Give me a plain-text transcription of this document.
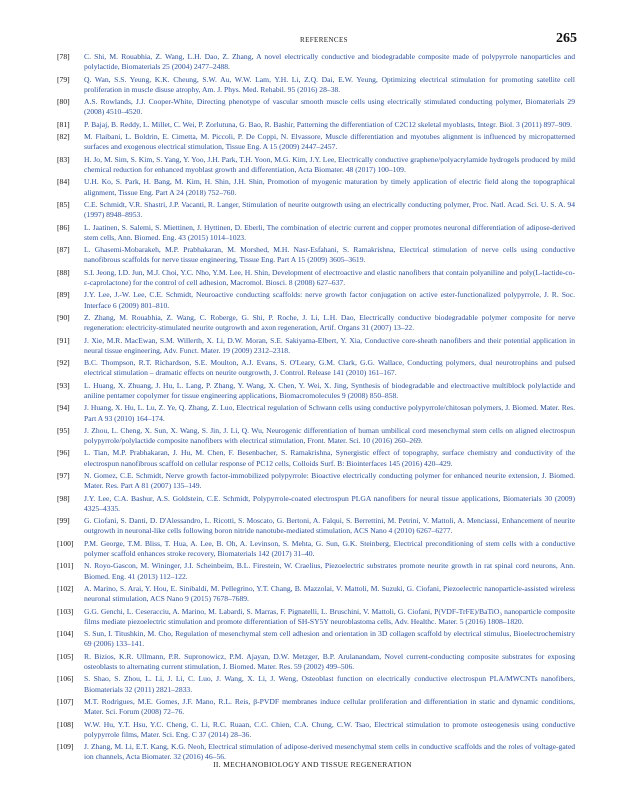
REFERENCES	265
[78]	C. Shi, M. Rouabhia, Z. Wang, L.H. Dao, Z. Zhang, A novel electrically conductive and biodegradable composite made of polypyrrole nanoparticles and polylactide, Biomaterials 25 (2004) 2477–2488.
[79]	Q. Wan, S.S. Yeung, K.K. Cheung, S.W. Au, W.W. Lam, Y.H. Li, Z.Q. Dai, E.W. Yeung, Optimizing electrical stimulation for promoting satellite cell proliferation in muscle disuse atrophy, Am. J. Phys. Med. Rehabil. 95 (2016) 28–38.
[80]	A.S. Rowlands, J.J. Cooper-White, Directing phenotype of vascular smooth muscle cells using electrically stimulated conducting polymer, Biomaterials 29 (2008) 4510–4520.
[81]	P. Bajaj, B. Reddy, L. Millet, C. Wei, P. Zorlutuna, G. Bao, R. Bashir, Patterning the differentiation of C2C12 skeletal myoblasts, Integr. Biol. 3 (2011) 897–909.
[82]	M. Flaibani, L. Boldrin, E. Cimetta, M. Piccoli, P. De Coppi, N. Elvassore, Muscle differentiation and myotubes alignment is influenced by micropatterned surfaces and exogenous electrical stimulation, Tissue Eng. A 15 (2009) 2447–2457.
[83]	H. Jo, M. Sim, S. Kim, S. Yang, Y. Yoo, J.H. Park, T.H. Yoon, M.G. Kim, J.Y. Lee, Electrically conductive graphene/polyacrylamide hydrogels produced by mild chemical reduction for enhanced myoblast growth and differentiation, Acta Biomater. 48 (2017) 100–109.
[84]	U.H. Ko, S. Park, H. Bang, M. Kim, H. Shin, J.H. Shin, Promotion of myogenic maturation by timely application of electric field along the topographical alignment, Tissue Eng. Part A 24 (2018) 752–760.
[85]	C.E. Schmidt, V.R. Shastri, J.P. Vacanti, R. Langer, Stimulation of neurite outgrowth using an electrically conducting polymer, Proc. Natl. Acad. Sci. U. S. A. 94 (1997) 8948–8953.
[86]	L. Jaatinen, S. Salemi, S. Miettinen, J. Hyttinen, D. Eberli, The combination of electric current and copper promotes neuronal differentiation of adipose-derived stem cells, Ann. Biomed. Eng. 43 (2015) 1014–1023.
[87]	L. Ghasemi-Mobarakeh, M.P. Prabhakaran, M. Morshed, M.H. Nasr-Esfahani, S. Ramakrishna, Electrical stimulation of nerve cells using conductive nanofibrous scaffolds for nerve tissue engineering, Tissue Eng. Part A 15 (2009) 3605–3619.
[88]	S.I. Jeong, I.D. Jun, M.J. Choi, Y.C. Nho, Y.M. Lee, H. Shin, Development of electroactive and elastic nanofibers that contain polyaniline and poly(L-lactide-co-ε-caprolactone) for the control of cell adhesion, Macromol. Biosci. 8 (2008) 627–637.
[89]	J.Y. Lee, J.-W. Lee, C.E. Schmidt, Neuroactive conducting scaffolds: nerve growth factor conjugation on active ester-functionalized polypyrrole, J. R. Soc. Interface 6 (2009) 801–810.
[90]	Z. Zhang, M. Rouabhia, Z. Wang, C. Roberge, G. Shi, P. Roche, J. Li, L.H. Dao, Electrically conductive biodegradable polymer composite for nerve regeneration: electricity-stimulated neurite outgrowth and axon regeneration, Artif. Organs 31 (2007) 13–22.
[91]	J. Xie, M.R. MacEwan, S.M. Willerth, X. Li, D.W. Moran, S.E. Sakiyama-Elbert, Y. Xia, Conductive core-sheath nanofibers and their potential application in neural tissue engineering, Adv. Funct. Mater. 19 (2009) 2312–2318.
[92]	B.C. Thompson, R.T. Richardson, S.E. Moulton, A.J. Evans, S. O'Leary, G.M. Clark, G.G. Wallace, Conducting polymers, dual neurotrophins and pulsed electrical stimulation – dramatic effects on neurite outgrowth, J. Control. Release 141 (2010) 161–167.
[93]	L. Huang, X. Zhuang, J. Hu, L. Lang, P. Zhang, Y. Wang, X. Chen, Y. Wei, X. Jing, Synthesis of biodegradable and electroactive multiblock polylactide and aniline pentamer copolymer for tissue engineering applications, Biomacromolecules 9 (2008) 850–858.
[94]	J. Huang, X. Hu, L. Lu, Z. Ye, Q. Zhang, Z. Luo, Electrical regulation of Schwann cells using conductive polypyrrole/chitosan polymers, J. Biomed. Mater. Res. Part A 93 (2010) 164–174.
[95]	J. Zhou, L. Cheng, X. Sun, X. Wang, S. Jin, J. Li, Q. Wu, Neurogenic differentiation of human umbilical cord mesenchymal stem cells on aligned electrospun polypyrrole/polylactide composite nanofibers with electrical stimulation, Front. Mater. Sci. 10 (2016) 260–269.
[96]	L. Tian, M.P. Prabhakaran, J. Hu, M. Chen, F. Besenbacher, S. Ramakrishna, Synergistic effect of topography, surface chemistry and conductivity of the electrospun nanofibrous scaffold on cellular response of PC12 cells, Colloids Surf. B: Biointerfaces 145 (2016) 420–429.
[97]	N. Gomez, C.E. Schmidt, Nerve growth factor-immobilized polypyrrole: Bioactive electrically conducting polymer for enhanced neurite extension, J. Biomed. Mater. Res. Part A 81 (2007) 135–149.
[98]	J.Y. Lee, C.A. Bashur, A.S. Goldstein, C.E. Schmidt, Polypyrrole-coated electrospun PLGA nanofibers for neural tissue applications, Biomaterials 30 (2009) 4325–4335.
[99]	G. Ciofani, S. Danti, D. D'Alessandro, L. Ricotti, S. Moscato, G. Bertoni, A. Falqui, S. Berrettini, M. Petrini, V. Mattoli, A. Menciassi, Enhancement of neurite outgrowth in neuronal-like cells following boron nitride nanotube-mediated stimulation, ACS Nano 4 (2010) 6267–6277.
[100]	P.M. George, T.M. Bliss, T. Hua, A. Lee, B. Oh, A. Levinson, S. Mehta, G. Sun, G.K. Steinberg, Electrical preconditioning of stem cells with a conductive polymer scaffold enhances stroke recovery, Biomaterials 142 (2017) 31–40.
[101]	N. Royo-Gascon, M. Wininger, J.I. Scheinbeim, B.L. Firestein, W. Craelius, Piezoelectric substrates promote neurite growth in rat spinal cord neurons, Ann. Biomed. Eng. 41 (2013) 112–122.
[102]	A. Marino, S. Arai, Y. Hou, E. Sinibaldi, M. Pellegrino, Y.T. Chang, B. Mazzolai, V. Mattoli, M. Suzuki, G. Ciofani, Piezoelectric nanoparticle-assisted wireless neuronal stimulation, ACS Nano 9 (2015) 7678–7689.
[103]	G.G. Genchi, L. Ceseracciu, A. Marino, M. Labardi, S. Marras, F. Pignatelli, L. Bruschini, V. Mattoli, G. Ciofani, P(VDF-TrFE)/BaTiO₃ nanoparticle composite films mediate piezoelectric stimulation and promote differentiation of SH-SY5Y neuroblastoma cells, Adv. Healthc. Mater. 5 (2016) 1808–1820.
[104]	S. Sun, I. Titushkin, M. Cho, Regulation of mesenchymal stem cell adhesion and orientation in 3D collagen scaffold by electrical stimulus, Bioelectrochemistry 69 (2006) 133–141.
[105]	R. Bizios, K.R. Ullmann, P.R. Supronowicz, P.M. Ajayan, D.W. Metzger, B.P. Arulanandam, Novel current-conducting composite substrates for exposing osteoblasts to alternating current stimulation, J. Biomed. Mater. Res. 59 (2002) 499–506.
[106]	S. Shao, S. Zhou, L. Li, J. Li, C. Luo, J. Wang, X. Li, J. Weng, Osteoblast function on electrically conductive electrospun PLA/MWCNTs nanofibers, Biomaterials 32 (2011) 2821–2833.
[107]	M.T. Rodrigues, M.E. Gomes, J.F. Mano, R.L. Reis, β-PVDF membranes induce cellular proliferation and differentiation in static and dynamic conditions, Mater. Sci. Forum (2008) 72–76.
[108]	W.W. Hu, Y.T. Hsu, Y.C. Cheng, C. Li, R.C. Ruaan, C.C. Chien, C.A. Chung, C.W. Tsao, Electrical stimulation to promote osteogenesis using conductive polypyrrole films, Mater. Sci. Eng. C 37 (2014) 28–36.
[109]	J. Zhang, M. Li, E.T. Kang, K.G. Neoh, Electrical stimulation of adipose-derived mesenchymal stem cells in conductive scaffolds and the roles of voltage-gated ion channels, Acta Biomater. 32 (2016) 46–56.
II. MECHANOBIOLOGY AND TISSUE REGENERATION
